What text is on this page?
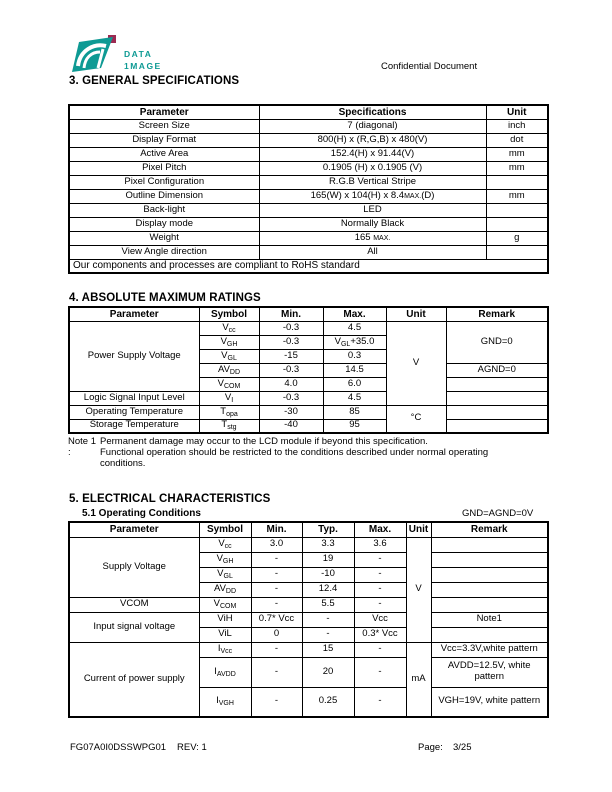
DATA
1MAGE	Confidential Document
3. GENERAL SPECIFICATIONS
Parameter	Specifications	Unit
Screen Size	7 (diagonal)	inch
Display Format	800(H) x (R,G,B) x 480(V)	dot
Active Area	152.4(H) x 91.44(V)	mm
Pixel Pitch	0.1905 (H) x 0.1905 (V)	mm
Pixel Configuration	R.G.B Vertical Stripe	
Outline Dimension	165(W) x 104(H) x 8.4MAX.(D)	mm
Back-light	LED	
Display mode	Normally Black	
Weight	165 MAX.	g
View Angle direction	All	
Our components and processes are compliant to RoHS standard		
4. ABSOLUTE MAXIMUM RATINGS
Parameter	Symbol	Min.	Max.	Unit	Remark
Power Supply Voltage	$V_{cc}$	-0.3	4.5	V	GND=0
	$V_{GH}$	-0.3	$V_{GL}+35.0$		
	$V_{GL}$	-15	0.3		
	$AV_{DD}$	-0.3	14.5		AGND=0
	$V_{COM}$	4.0	6.0		
Logic Signal Input Level	$V_I$	-0.3	4.5		
Operating Temperature	$T_{opa}$	-30	85	°C	
Storage Temperature	$T_{stg}$	-40	95		
Note 1 :
Permanent damage may occur to the LCD module if beyond this specification.
Functional operation should be restricted to the conditions described under normal operating
conditions.
5. ELECTRICAL CHARACTERISTICS
5.1 Operating Conditions	GND=AGND=0V
Parameter	Symbol	Min.	Typ.	Max.	Unit	Remark
Supply Voltage	$V_{cc}$	3.0	3.3	3.6	V	
	$V_{GH}$	-	19	-		
	$V_{GL}$	-	-10	-		
	$AV_{DD}$	-	12.4	-		
VCOM	$V_{COM}$	-	5.5	-		
Input signal voltage	ViH	0.7* Vcc	-	Vcc		Note1
	ViL	0	-	0.3* Vcc		
Current of power supply	$I_{Vcc}$	-	15	-	mA	Vcc=3.3V,white pattern
	$I_{AVDD}$	-	20	-		AVDD=12.5V, white pattern
	$I_{VGH}$	-	0.25	-		VGH=19V, white pattern
FG07A0I0DSSWPG01 REV: 1	Page: 3/25
